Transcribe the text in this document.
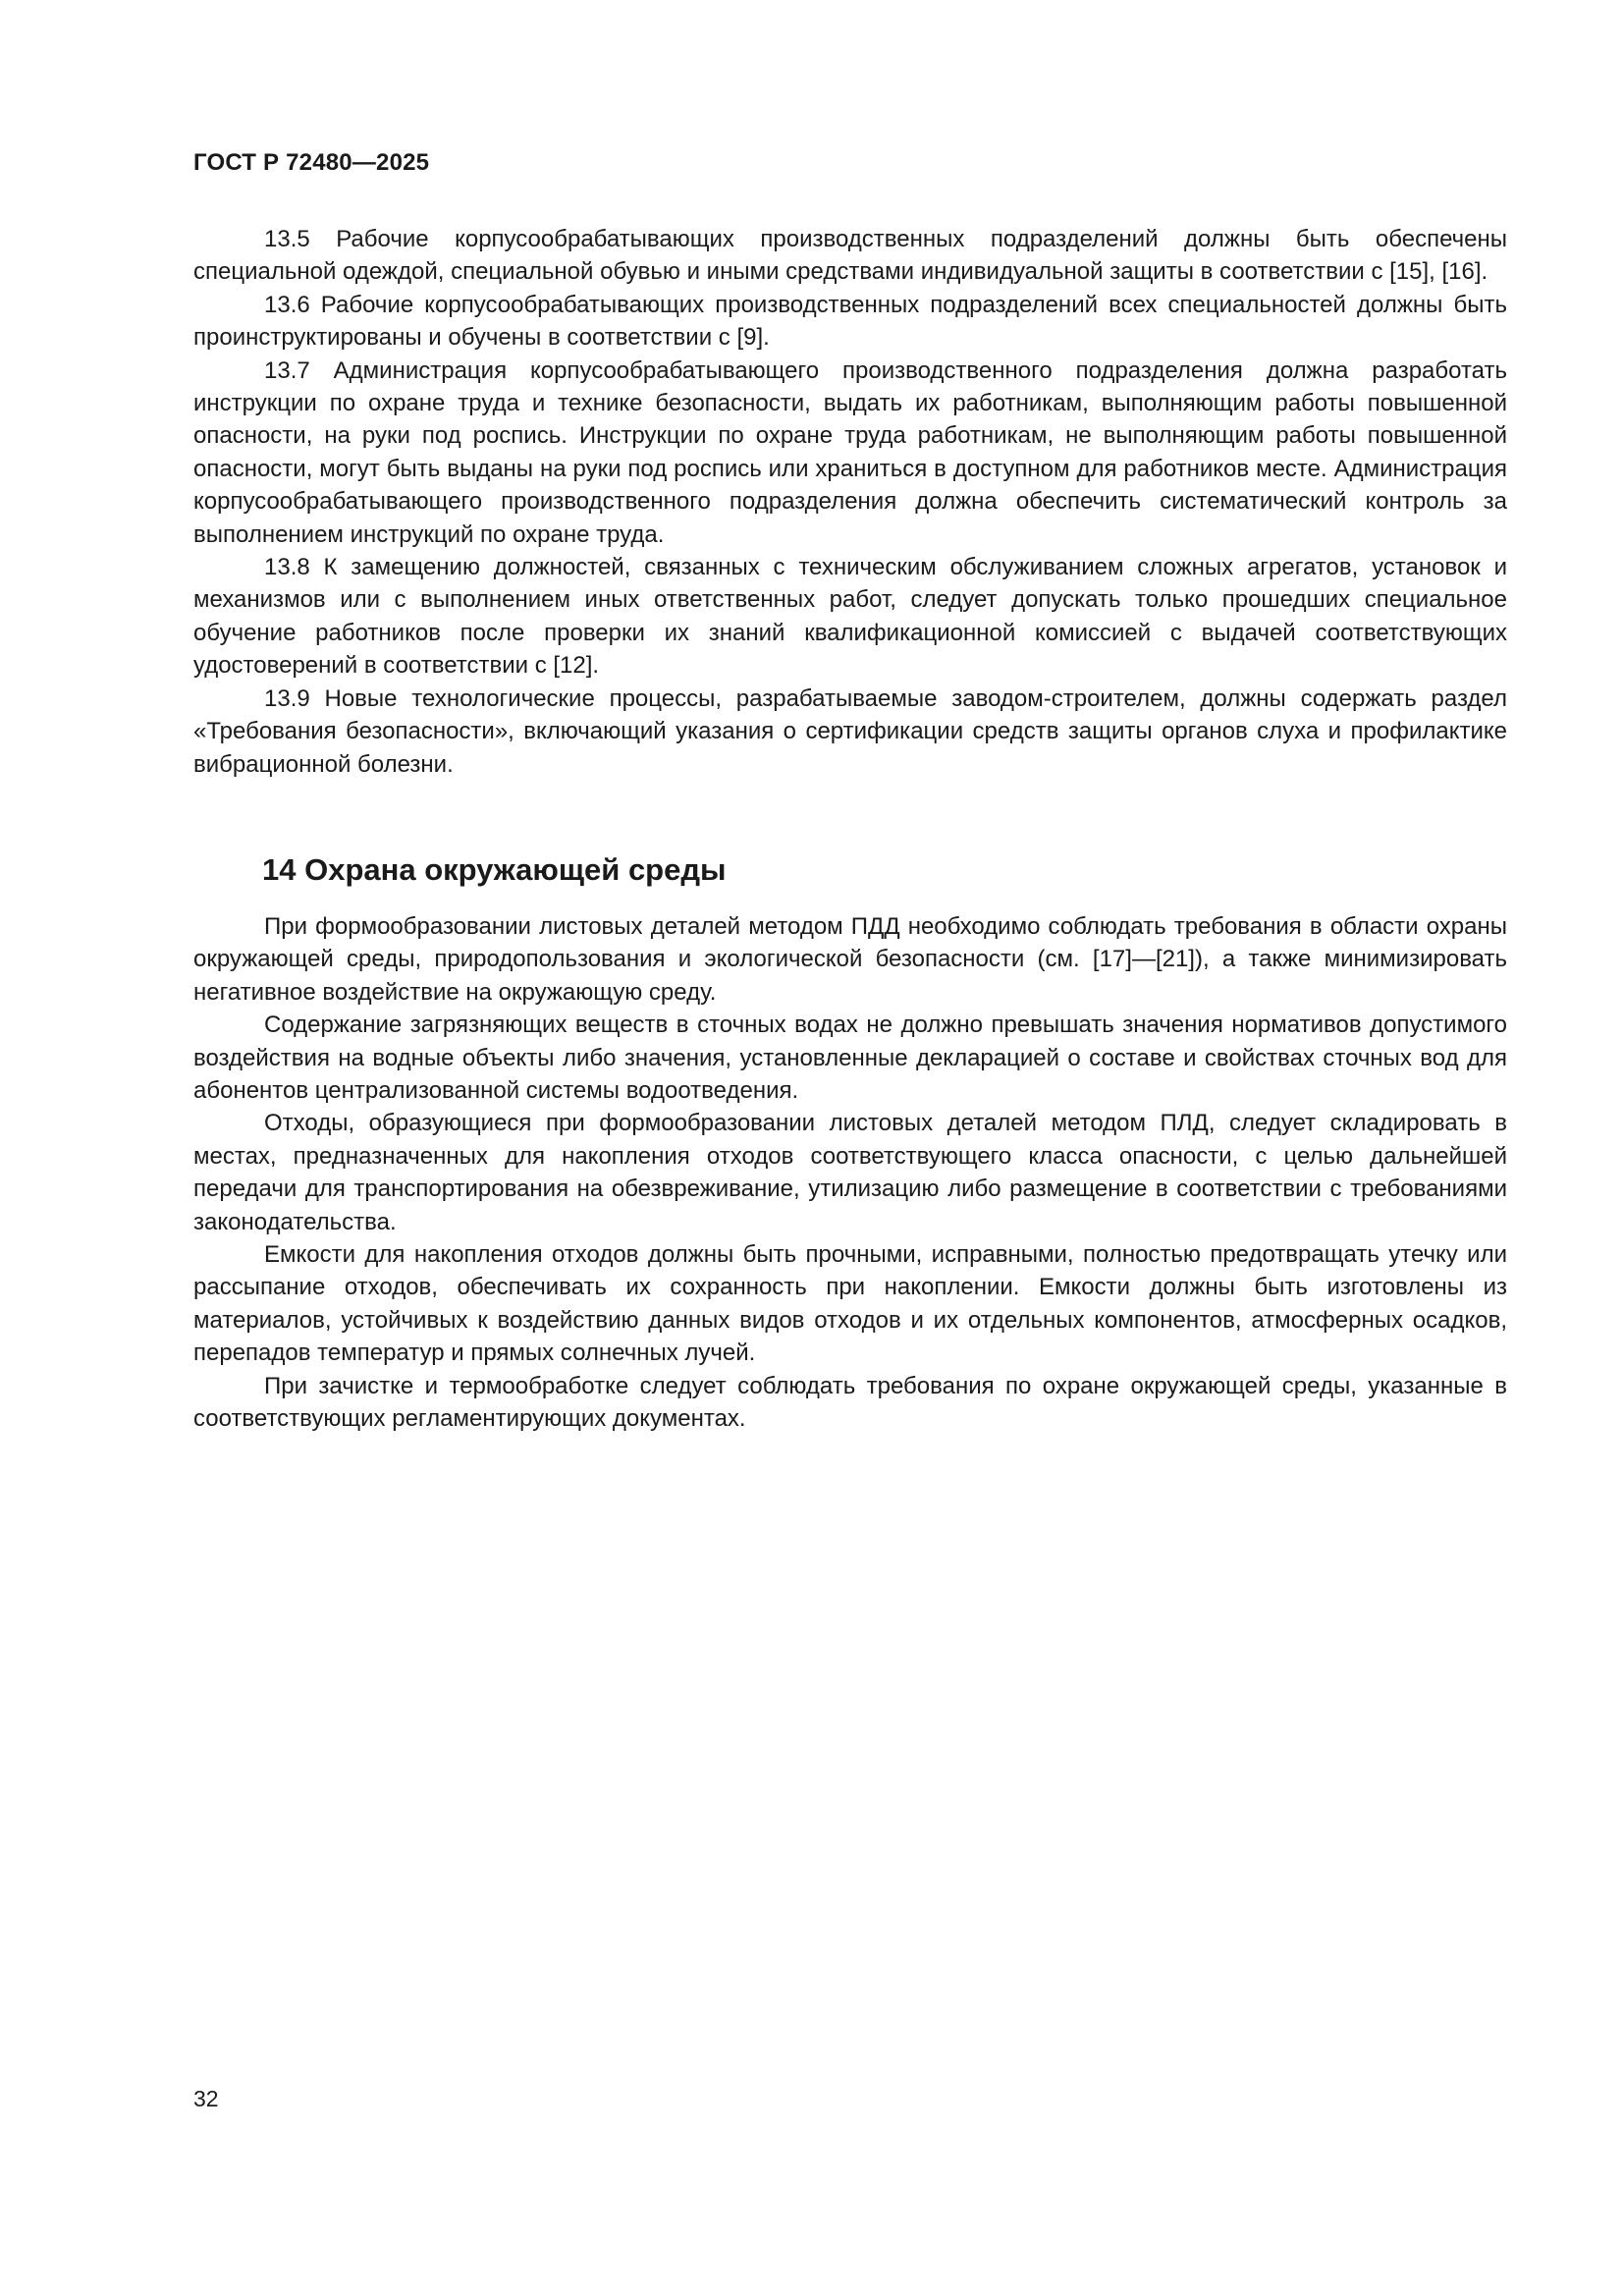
ГОСТ Р 72480—2025

13.5 Рабочие корпусообрабатывающих производственных подразделений должны быть обеспечены специальной одеждой, специальной обувью и иными средствами индивидуальной защиты в соответствии с [15], [16].

13.6 Рабочие корпусообрабатывающих производственных подразделений всех специальностей должны быть проинструктированы и обучены в соответствии с [9].

13.7 Администрация корпусообрабатывающего производственного подразделения должна разработать инструкции по охране труда и технике безопасности, выдать их работникам, выполняющим работы повышенной опасности, на руки под роспись. Инструкции по охране труда работникам, не выполняющим работы повышенной опасности, могут быть выданы на руки под роспись или храниться в доступном для работников месте. Администрация корпусообрабатывающего производственного подразделения должна обеспечить систематический контроль за выполнением инструкций по охране труда.

13.8 К замещению должностей, связанных с техническим обслуживанием сложных агрегатов, установок и механизмов или с выполнением иных ответственных работ, следует допускать только прошедших специальное обучение работников после проверки их знаний квалификационной комиссией с выдачей соответствующих удостоверений в соответствии с [12].

13.9 Новые технологические процессы, разрабатываемые заводом-строителем, должны содержать раздел «Требования безопасности», включающий указания о сертификации средств защиты органов слуха и профилактике вибрационной болезни.

14 Охрана окружающей среды

При формообразовании листовых деталей методом ПДД необходимо соблюдать требования в области охраны окружающей среды, природопользования и экологической безопасности (см. [17]—[21]), а также минимизировать негативное воздействие на окружающую среду.

Содержание загрязняющих веществ в сточных водах не должно превышать значения нормативов допустимого воздействия на водные объекты либо значения, установленные декларацией о составе и свойствах сточных вод для абонентов централизованной системы водоотведения.

Отходы, образующиеся при формообразовании листовых деталей методом ПЛД, следует складировать в местах, предназначенных для накопления отходов соответствующего класса опасности, с целью дальнейшей передачи для транспортирования на обезвреживание, утилизацию либо размещение в соответствии с требованиями законодательства.

Емкости для накопления отходов должны быть прочными, исправными, полностью предотвращать утечку или рассыпание отходов, обеспечивать их сохранность при накоплении. Емкости должны быть изготовлены из материалов, устойчивых к воздействию данных видов отходов и их отдельных компонентов, атмосферных осадков, перепадов температур и прямых солнечных лучей.

При зачистке и термообработке следует соблюдать требования по охране окружающей среды, указанные в соответствующих регламентирующих документах.

32
